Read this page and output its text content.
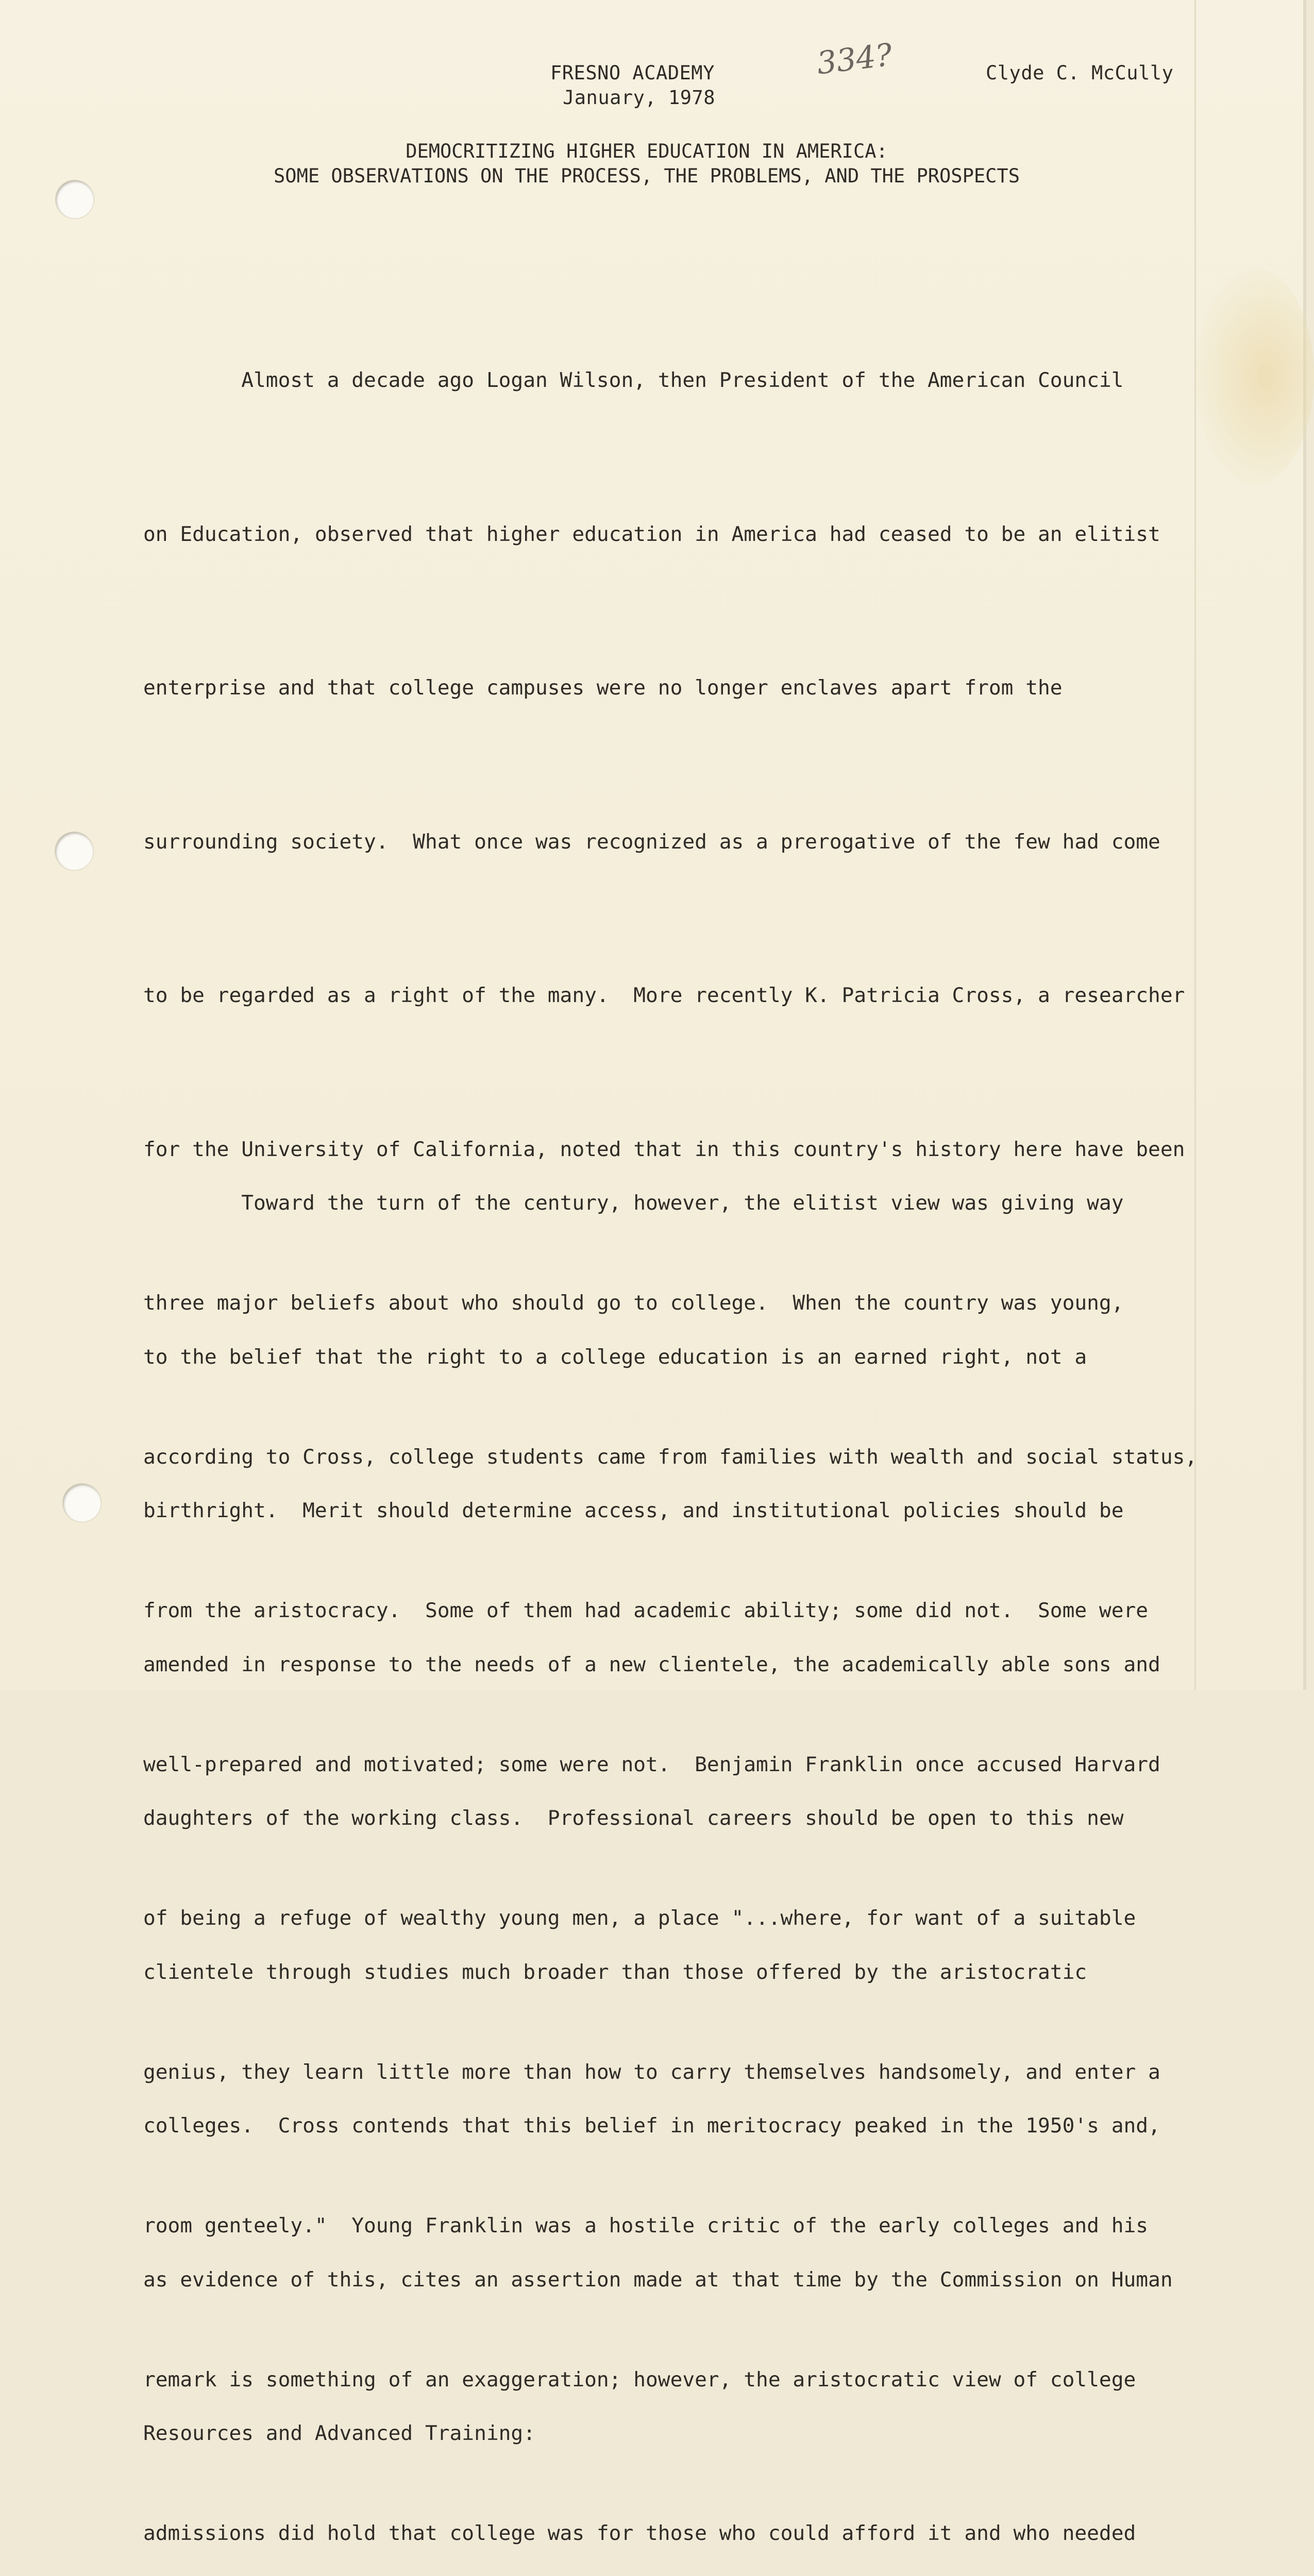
FRESNO ACADEMY

January, 1978

Clyde C. McCully

334?

DEMOCRITIZING HIGHER EDUCATION IN AMERICA:

SOME OBSERVATIONS ON THE PROCESS, THE PROBLEMS, AND THE PROSPECTS

Almost a decade ago Logan Wilson, then President of the American Council

on Education, observed that higher education in America had ceased to be an elitist

enterprise and that college campuses were no longer enclaves apart from the

surrounding society.  What once was recognized as a prerogative of the few had come

to be regarded as a right of the many.  More recently K. Patricia Cross, a researcher

for the University of California, noted that in this country's history here have been

three major beliefs about who should go to college.  When the country was young,

according to Cross, college students came from families with wealth and social status,

from the aristocracy.  Some of them had academic ability; some did not.  Some were

well-prepared and motivated; some were not.  Benjamin Franklin once accused Harvard

of being a refuge of wealthy young men, a place "...where, for want of a suitable

genius, they learn little more than how to carry themselves handsomely, and enter a

room genteely."  Young Franklin was a hostile critic of the early colleges and his

remark is something of an exaggeration; however, the aristocratic view of college

admissions did hold that college was for those who could afford it and who needed

Toward the turn of the century, however, the elitist view was giving way

to the belief that the right to a college education is an earned right, not a

birthright.  Merit should determine access, and institutional policies should be

amended in response to the needs of a new clientele, the academically able sons and

daughters of the working class.  Professional careers should be open to this new

clientele through studies much broader than those offered by the aristocratic

colleges.  Cross contends that this belief in meritocracy peaked in the 1950's and,

as evidence of this, cites an assertion made at that time by the Commission on Human

Resources and Advanced Training:
